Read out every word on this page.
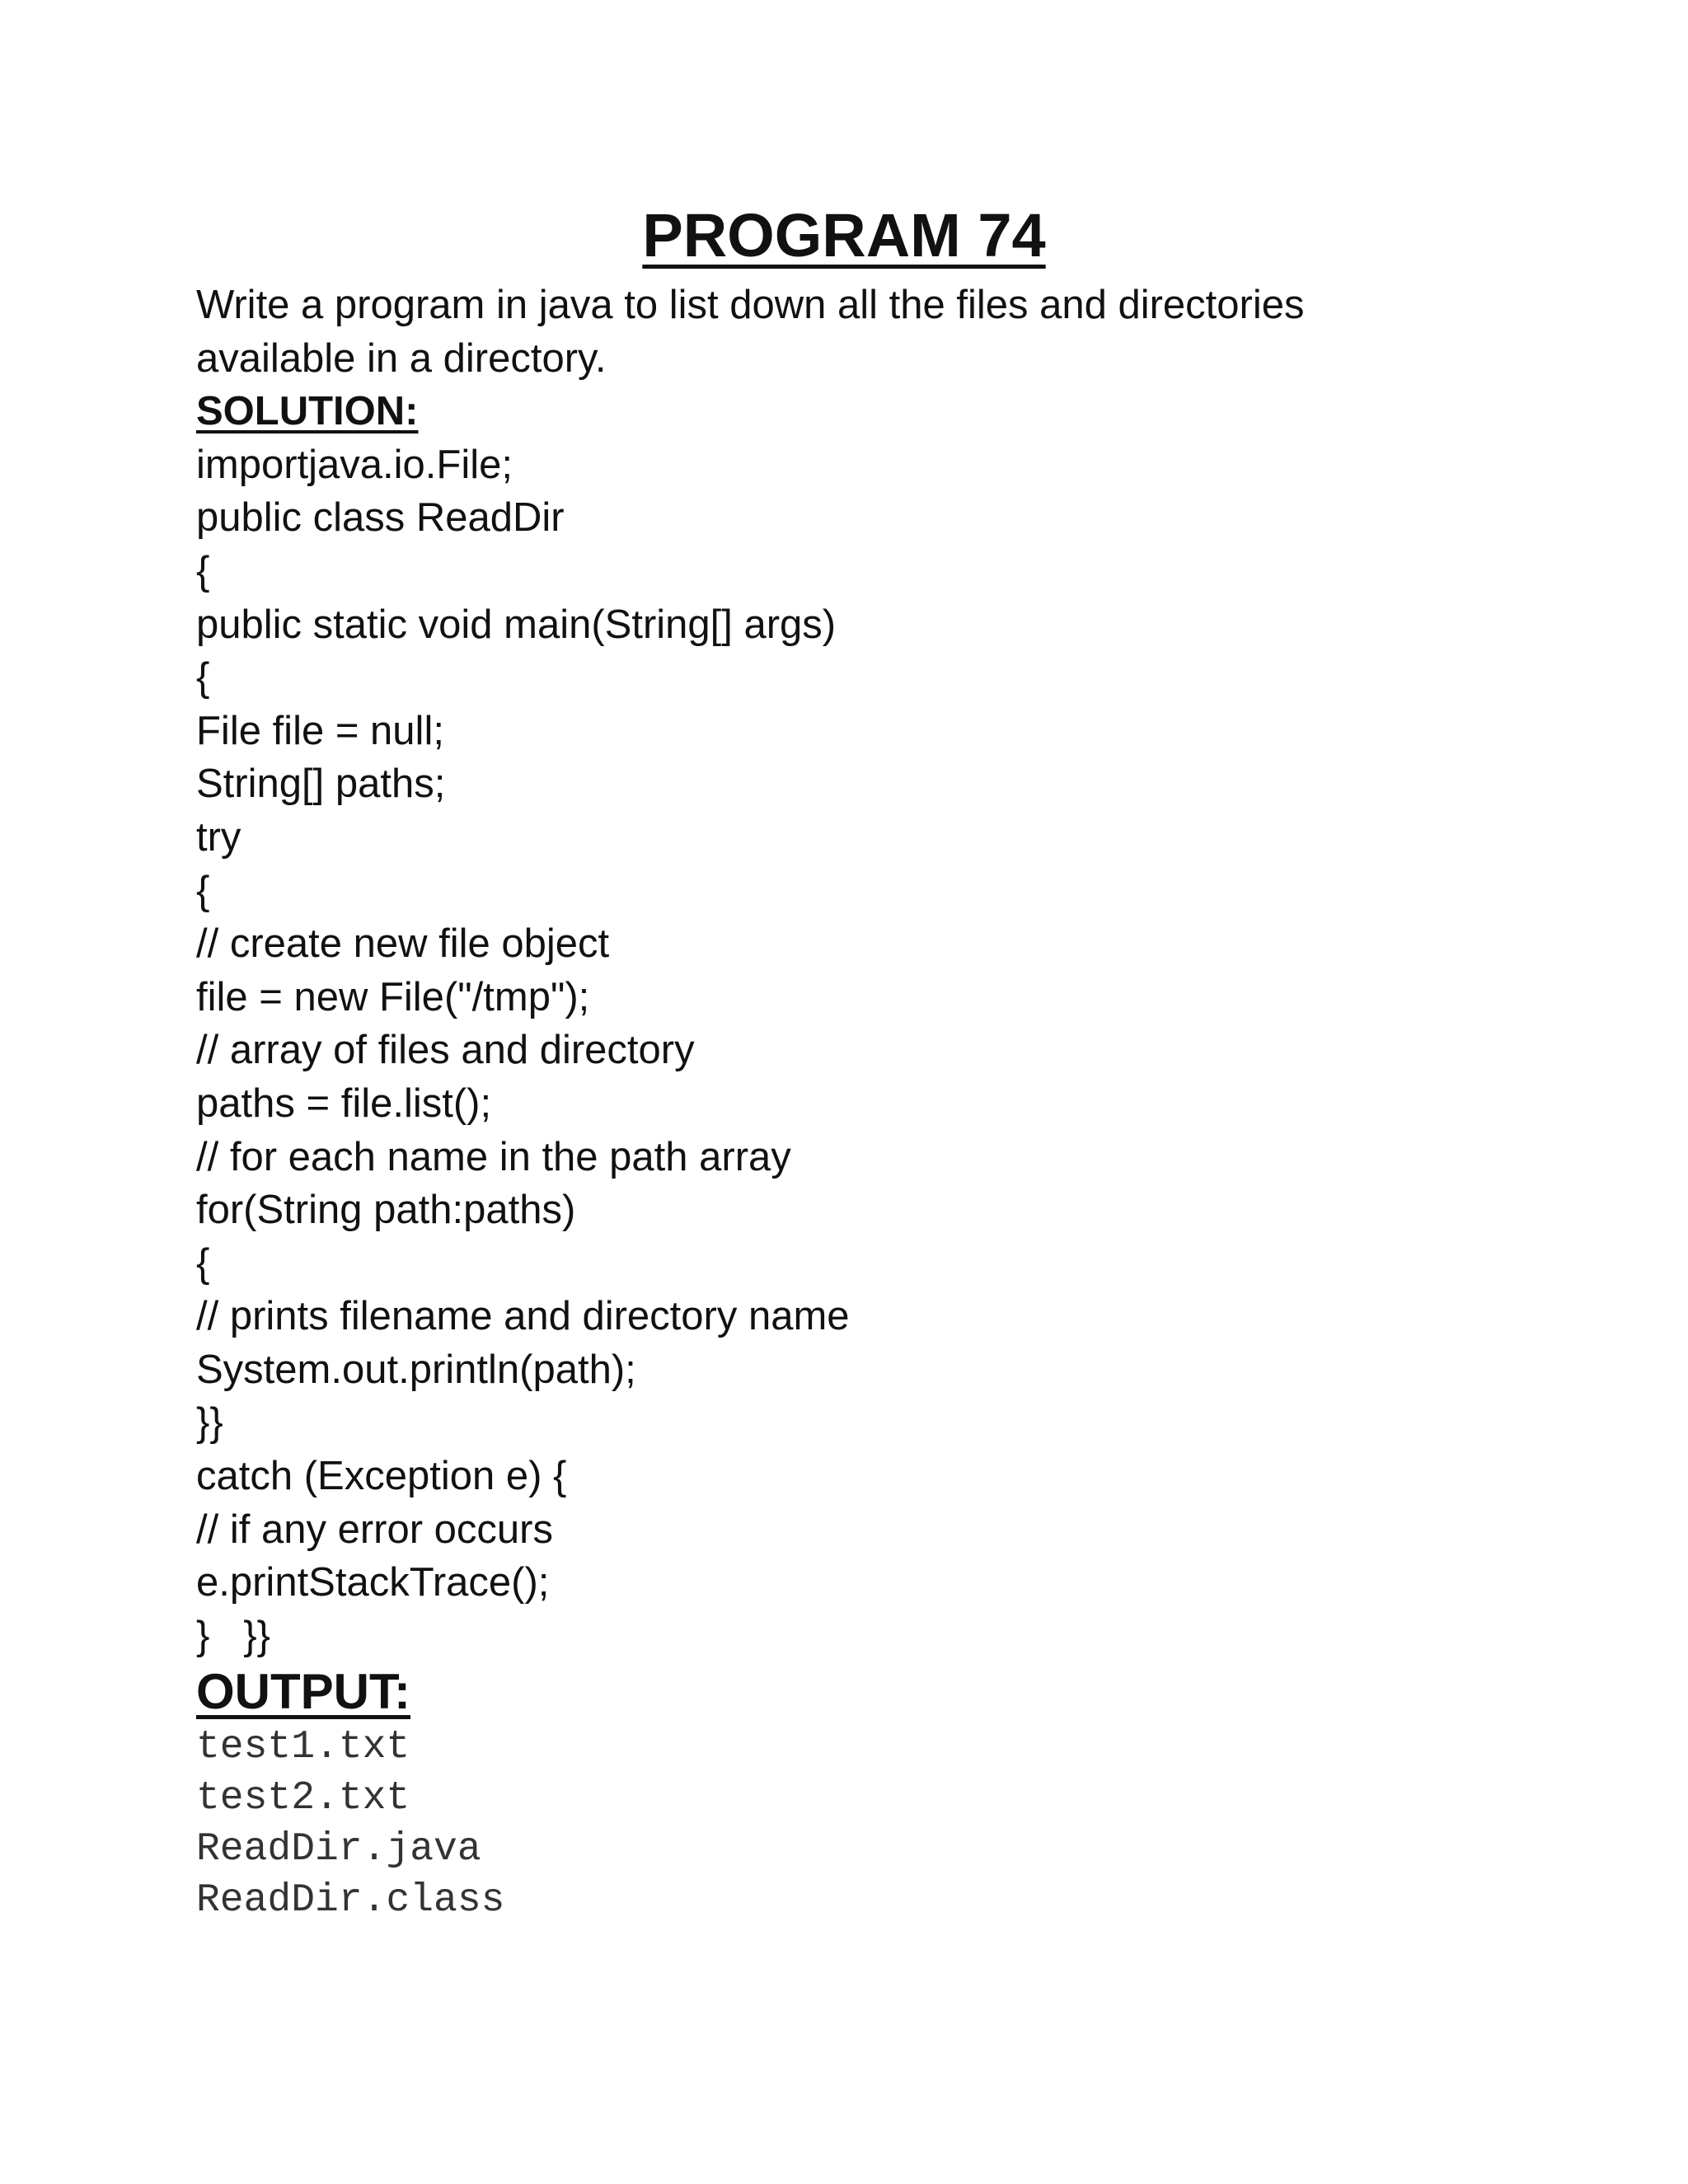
PROGRAM 74
Write a program in java to list down all the files and directories
available in a directory.
SOLUTION:
importjava.io.File;
public class ReadDir
{
public static void main(String[] args)
{
File file = null;
String[] paths;
try
{
// create new file object
file = new File("/tmp");
// array of files and directory
paths = file.list();
// for each name in the path array
for(String path:paths)
{
// prints filename and directory name
System.out.println(path);
}}
catch (Exception e) {
// if any error occurs
e.printStackTrace();
}   }}
OUTPUT:
test1.txt
test2.txt
ReadDir.java
ReadDir.class
